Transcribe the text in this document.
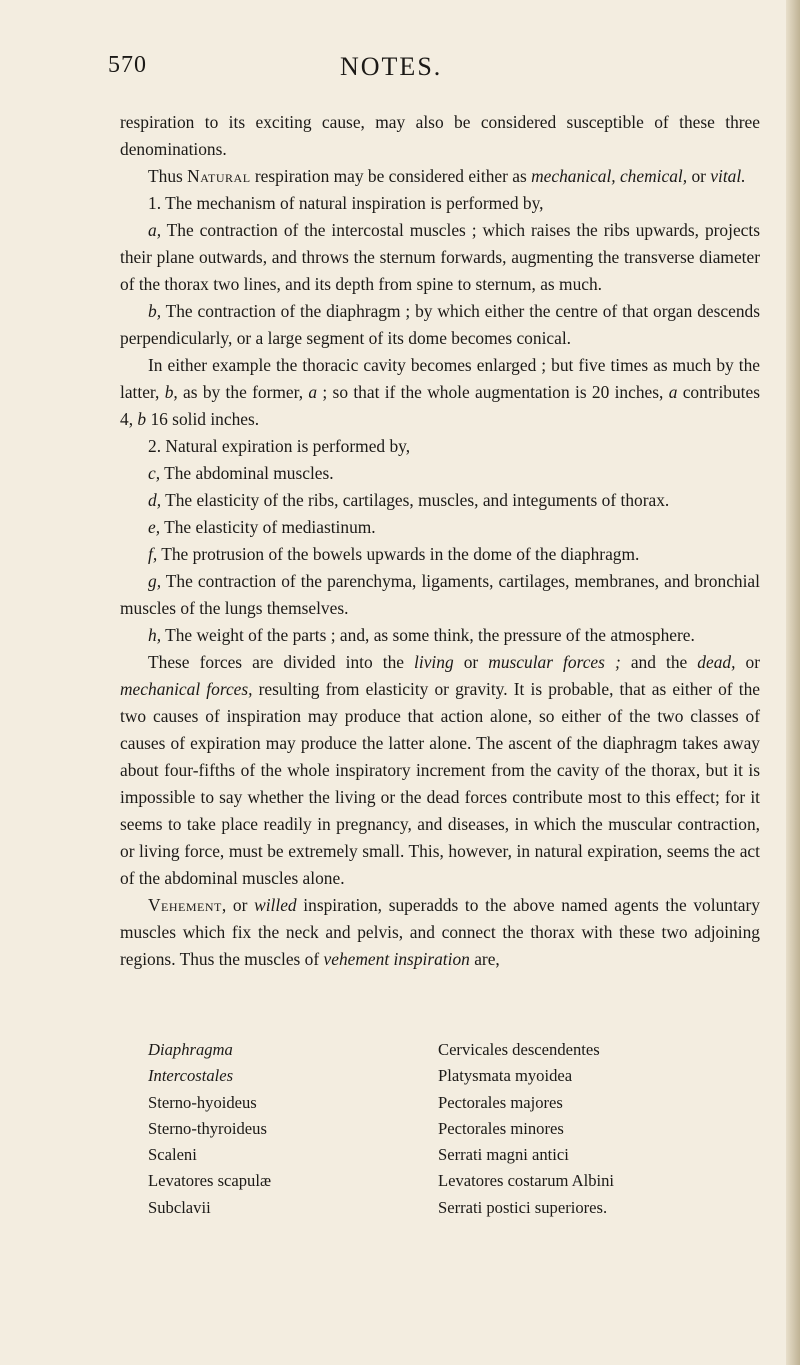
570	NOTES.

respiration to its exciting cause, may also be considered susceptible of these three denominations.

Thus Natural respiration may be considered either as mechanical, chemical, or vital.

1. The mechanism of natural inspiration is performed by,

a, The contraction of the intercostal muscles ; which raises the ribs upwards, projects their plane outwards, and throws the sternum forwards, augmenting the transverse diameter of the thorax two lines, and its depth from spine to sternum, as much.

b, The contraction of the diaphragm ; by which either the centre of that organ descends perpendicularly, or a large segment of its dome becomes conical.

In either example the thoracic cavity becomes enlarged ; but five times as much by the latter, b, as by the former, a ; so that if the whole augmentation is 20 inches, a contributes 4, b 16 solid inches.

2. Natural expiration is performed by,

c, The abdominal muscles.

d, The elasticity of the ribs, cartilages, muscles, and integuments of thorax.

e, The elasticity of mediastinum.

f, The protrusion of the bowels upwards in the dome of the diaphragm.

g, The contraction of the parenchyma, ligaments, cartilages, membranes, and bronchial muscles of the lungs themselves.

h, The weight of the parts ; and, as some think, the pressure of the atmosphere.

These forces are divided into the living or muscular forces ; and the dead, or mechanical forces, resulting from elasticity or gravity. It is probable, that as either of the two causes of inspiration may produce that action alone, so either of the two classes of causes of expiration may produce the latter alone. The ascent of the diaphragm takes away about four-fifths of the whole inspiratory increment from the cavity of the thorax, but it is impossible to say whether the living or the dead forces contribute most to this effect; for it seems to take place readily in pregnancy, and diseases, in which the muscular contraction, or living force, must be extremely small. This, however, in natural expiration, seems the act of the abdominal muscles alone.

Vehement, or willed inspiration, superadds to the above named agents the voluntary muscles which fix the neck and pelvis, and connect the thorax with these two adjoining regions. Thus the muscles of vehement inspiration are,

Diaphragma	Cervicales descendentes
Intercostales	Platysmata myoidea
Sterno-hyoideus	Pectorales majores
Sterno-thyroideus	Pectorales minores
Scaleni	Serrati magni antici
Levatores scapulæ	Levatores costarum Albini
Subclavii	Serrati postici superiores.
